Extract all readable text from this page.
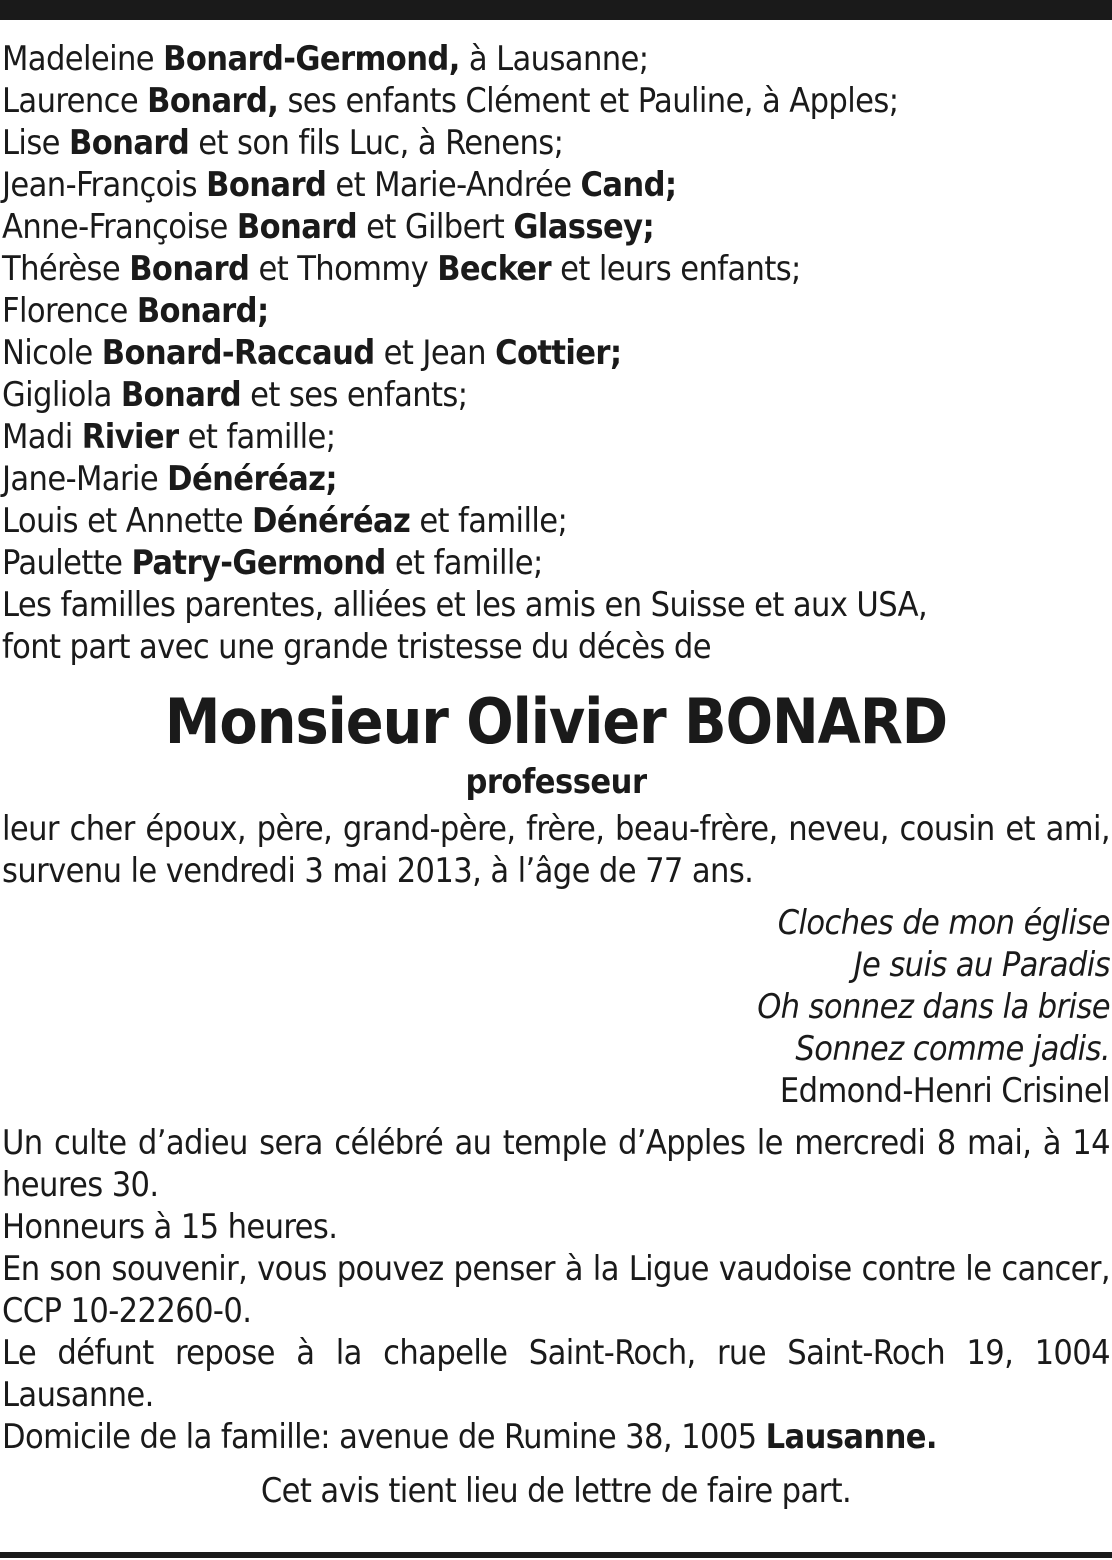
Madeleine Bonard-Germond, à Lausanne;
Laurence Bonard, ses enfants Clément et Pauline, à Apples;
Lise Bonard et son fils Luc, à Renens;
Jean-François Bonard et Marie-Andrée Cand;
Anne-Françoise Bonard et Gilbert Glassey;
Thérèse Bonard et Thommy Becker et leurs enfants;
Florence Bonard;
Nicole Bonard-Raccaud et Jean Cottier;
Gigliola Bonard et ses enfants;
Madi Rivier et famille;
Jane-Marie Dénéréaz;
Louis et Annette Dénéréaz et famille;
Paulette Patry-Germond et famille;
Les familles parentes, alliées et les amis en Suisse et aux USA,
font part avec une grande tristesse du décès de
Monsieur Olivier BONARD
professeur
leur cher époux, père, grand-père, frère, beau-frère, neveu, cousin et ami, survenu le vendredi 3 mai 2013, à l’âge de 77 ans.
Cloches de mon église
Je suis au Paradis
Oh sonnez dans la brise
Sonnez comme jadis.
Edmond-Henri Crisinel
Un culte d’adieu sera célébré au temple d’Apples le mercredi 8 mai, à 14 heures 30.
Honneurs à 15 heures.
En son souvenir, vous pouvez penser à la Ligue vaudoise contre le cancer, CCP 10-22260-0.
Le défunt repose à la chapelle Saint-Roch, rue Saint-Roch 19, 1004 Lausanne.
Domicile de la famille: avenue de Rumine 38, 1005 Lausanne.
Cet avis tient lieu de lettre de faire part.
